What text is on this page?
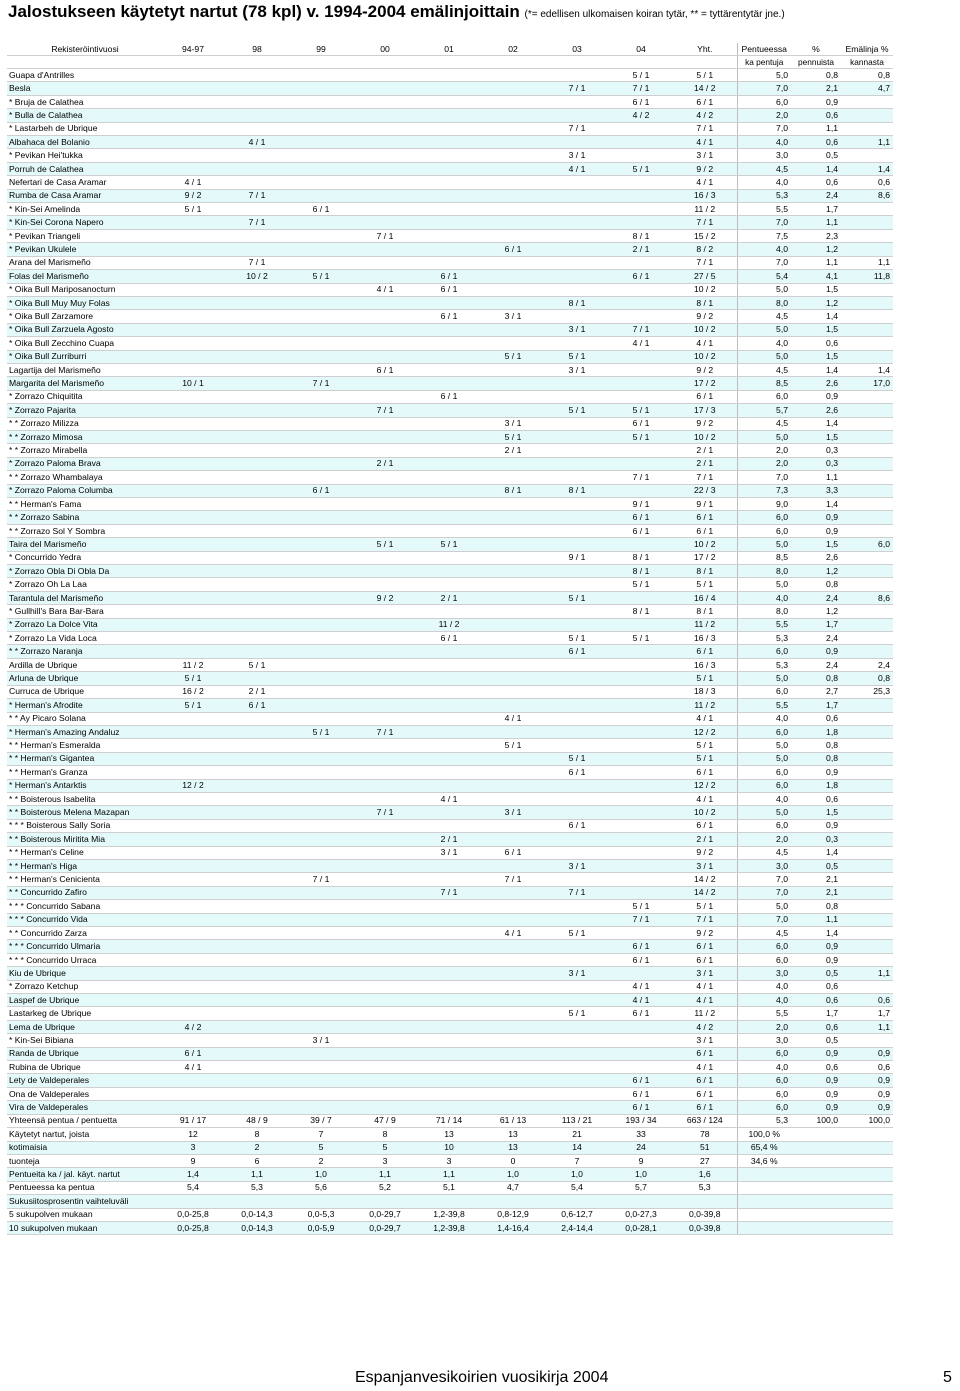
Jalostukseen käytetyt nartut (78 kpl) v. 1994-2004 emälinjoittain (*= edellisen ulkomaisen koiran tytär, ** = tyttärentytär jne.)
Rekisteröintivuosi	94-97	98	99	00	01	02	03	04	Yht.	Pentueessa	%	Emälinja %
										ka pentuja	pennuista	kannasta
Guapa d'Antrilles								5 / 1	5 / 1	5,0	0,8	0,8
Besla							7 / 1	7 / 1	14 / 2	7,0	2,1	4,7
* Bruja de Calathea								6 / 1	6 / 1	6,0	0,9	
* Bulla de Calathea								4 / 2	4 / 2	2,0	0,6	
* Lastarbeh de Ubrique							7 / 1		7 / 1	7,0	1,1	
Albahaca del Bolanio		4 / 1							4 / 1	4,0	0,6	1,1
* Pevikan Hei'tukka							3 / 1		3 / 1	3,0	0,5	
Porruh de Calathea							4 / 1	5 / 1	9 / 2	4,5	1,4	1,4
Nefertari de Casa Aramar	4 / 1								4 / 1	4,0	0,6	0,6
Rumba de Casa Aramar	9 / 2	7 / 1							16 / 3	5,3	2,4	8,6
* Kin-Sei Amelinda	5 / 1		6 / 1						11 / 2	5,5	1,7	
* Kin-Sei Corona Napero		7 / 1							7 / 1	7,0	1,1	
* Pevikan Triangeli				7 / 1				8 / 1	15 / 2	7,5	2,3	
* Pevikan Ukulele						6 / 1		2 / 1	8 / 2	4,0	1,2	
Arana del Marismeño		7 / 1							7 / 1	7,0	1,1	1,1
Folas del Marismeño		10 / 2	5 / 1		6 / 1			6 / 1	27 / 5	5,4	4,1	11,8
* Oika Bull Mariposanocturn				4 / 1	6 / 1				10 / 2	5,0	1,5	
* Oika Bull Muy Muy Folas							8 / 1		8 / 1	8,0	1,2	
* Oika Bull Zarzamore					6 / 1	3 / 1			9 / 2	4,5	1,4	
* Oika Bull Zarzuela Agosto							3 / 1	7 / 1	10 / 2	5,0	1,5	
* Oika Bull Zecchino Cuapa								4 / 1	4 / 1	4,0	0,6	
* Oika Bull Zurriburri						5 / 1	5 / 1		10 / 2	5,0	1,5	
Lagartija del Marismeño				6 / 1			3 / 1		9 / 2	4,5	1,4	1,4
Margarita del Marismeño	10 / 1		7 / 1						17 / 2	8,5	2,6	17,0
* Zorrazo Chiquitita					6 / 1				6 / 1	6,0	0,9	
* Zorrazo Pajarita				7 / 1			5 / 1	5 / 1	17 / 3	5,7	2,6	
* * Zorrazo Milizza						3 / 1		6 / 1	9 / 2	4,5	1,4	
* * Zorrazo Mimosa						5 / 1		5 / 1	10 / 2	5,0	1,5	
* * Zorrazo Mirabella						2 / 1			2 / 1	2,0	0,3	
* Zorrazo Paloma Brava				2 / 1					2 / 1	2,0	0,3	
* * Zorrazo Whambalaya								7 / 1	7 / 1	7,0	1,1	
* Zorrazo Paloma Columba			6 / 1			8 / 1	8 / 1		22 / 3	7,3	3,3	
* * Herman's Fama								9 / 1	9 / 1	9,0	1,4	
* * Zorrazo Sabina								6 / 1	6 / 1	6,0	0,9	
* * Zorrazo Sol Y Sombra								6 / 1	6 / 1	6,0	0,9	
Taira del Marismeño				5 / 1	5 / 1				10 / 2	5,0	1,5	6,0
* Concurrido Yedra							9 / 1	8 / 1	17 / 2	8,5	2,6	
* Zorrazo Obla Di Obla Da								8 / 1	8 / 1	8,0	1,2	
* Zorrazo Oh La Laa								5 / 1	5 / 1	5,0	0,8	
Tarantula del Marismeño				9 / 2	2 / 1		5 / 1		16 / 4	4,0	2,4	8,6
* Gullhill's Bara Bar-Bara								8 / 1	8 / 1	8,0	1,2	
* Zorrazo La Dolce Vita					11 / 2				11 / 2	5,5	1,7	
* Zorrazo La Vida Loca					6 / 1		5 / 1	5 / 1	16 / 3	5,3	2,4	
* * Zorrazo Naranja							6 / 1		6 / 1	6,0	0,9	
Ardilla de Ubrique	11 / 2	5 / 1							16 / 3	5,3	2,4	2,4
Arluna de Ubrique	5 / 1								5 / 1	5,0	0,8	0,8
Curruca de Ubrique	16 / 2	2 / 1							18 / 3	6,0	2,7	25,3
* Herman's Afrodite	5 / 1	6 / 1							11 / 2	5,5	1,7	
* * Ay Picaro Solana						4 / 1			4 / 1	4,0	0,6	
* Herman's Amazing Andaluz			5 / 1	7 / 1					12 / 2	6,0	1,8	
* * Herman's Esmeralda						5 / 1			5 / 1	5,0	0,8	
* * Herman's Gigantea							5 / 1		5 / 1	5,0	0,8	
* * Herman's Granza							6 / 1		6 / 1	6,0	0,9	
* Herman's Antarktis	12 / 2								12 / 2	6,0	1,8	
* * Boisterous Isabelita					4 / 1				4 / 1	4,0	0,6	
* * Boisterous Melena Mazapan				7 / 1		3 / 1			10 / 2	5,0	1,5	
* * * Boisterous Sally Soria							6 / 1		6 / 1	6,0	0,9	
* * Boisterous Miritita Mia					2 / 1				2 / 1	2,0	0,3	
* * Herman's Celine					3 / 1	6 / 1			9 / 2	4,5	1,4	
* * Herman's Higa							3 / 1		3 / 1	3,0	0,5	
* * Herman's Cenicienta			7 / 1			7 / 1			14 / 2	7,0	2,1	
* * Concurrido Zafiro					7 / 1		7 / 1		14 / 2	7,0	2,1	
* * * Concurrido Sabana								5 / 1	5 / 1	5,0	0,8	
* * * Concurrido Vida								7 / 1	7 / 1	7,0	1,1	
* * Concurrido Zarza						4 / 1	5 / 1		9 / 2	4,5	1,4	
* * * Concurrido Ulmaria								6 / 1	6 / 1	6,0	0,9	
* * * Concurrido Urraca								6 / 1	6 / 1	6,0	0,9	
Kiu de Ubrique							3 / 1		3 / 1	3,0	0,5	1,1
* Zorrazo Ketchup								4 / 1	4 / 1	4,0	0,6	
Laspef de Ubrique								4 / 1	4 / 1	4,0	0,6	0,6
Lastarkeg de Ubrique							5 / 1	6 / 1	11 / 2	5,5	1,7	1,7
Lema de Ubrique	4 / 2								4 / 2	2,0	0,6	1,1
* Kin-Sei Bibiana			3 / 1						3 / 1	3,0	0,5	
Randa de Ubrique	6 / 1								6 / 1	6,0	0,9	0,9
Rubina de Ubrique	4 / 1								4 / 1	4,0	0,6	0,6
Lety de Valdeperales								6 / 1	6 / 1	6,0	0,9	0,9
Ona de Valdeperales								6 / 1	6 / 1	6,0	0,9	0,9
Vira de Valdeperales								6 / 1	6 / 1	6,0	0,9	0,9
Yhteensä pentua / pentuetta	91 / 17	48 / 9	39 / 7	47 / 9	71 / 14	61 / 13	113 / 21	193 / 34	663 / 124	5,3	100,0	100,0
Käytetyt nartut, joista	12	8	7	8	13	13	21	33	78	100,0 %		
kotimaisia	3	2	5	5	10	13	14	24	51	65,4 %		
tuonteja	9	6	2	3	3	0	7	9	27	34,6 %		
Pentueita ka / jal. käyt. nartut	1,4	1,1	1,0	1,1	1,1	1,0	1,0	1,0	1,6			
Pentueessa ka pentua	5,4	5,3	5,6	5,2	5,1	4,7	5,4	5,7	5,3			
Sukusiitosprosentin vaihteluväli												
5 sukupolven mukaan	0,0-25,8	0,0-14,3	0,0-5,3	0,0-29,7	1,2-39,8	0,8-12,9	0,6-12,7	0,0-27,3	0,0-39,8			
10 sukupolven mukaan	0,0-25,8	0,0-14,3	0,0-5,9	0,0-29,7	1,2-39,8	1,4-16,4	2,4-14,4	0,0-28,1	0,0-39,8			
Espanjanvesikoirien vuosikirja 2004	5
